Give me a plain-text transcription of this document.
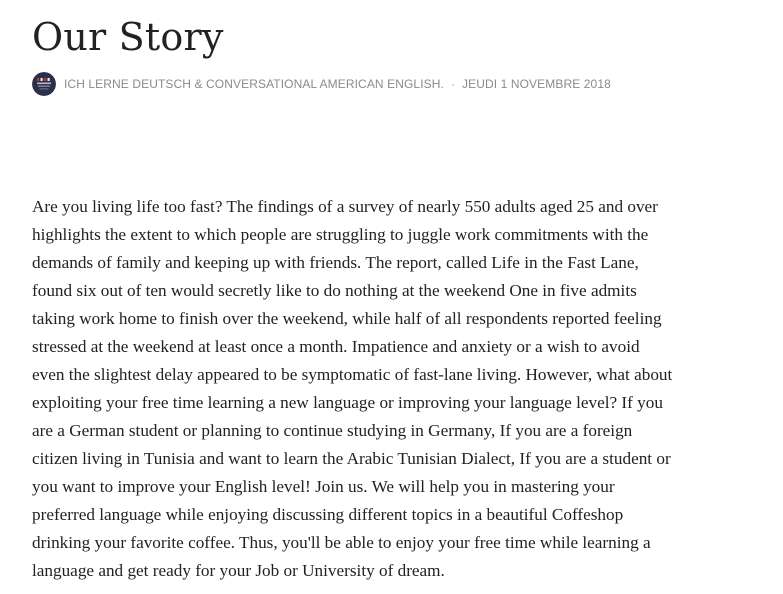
Our Story
ICH LERNE DEUTSCH & CONVERSATIONAL AMERICAN ENGLISH. · JEUDI 1 NOVEMBRE 2018

Are you living life too fast? The findings of a survey of nearly 550 adults aged 25 and over
highlights the extent to which people are struggling to juggle work commitments with the
demands of family and keeping up with friends. The report, called Life in the Fast Lane,
found six out of ten would secretly like to do nothing at the weekend One in five admits
taking work home to finish over the weekend, while half of all respondents reported feeling
stressed at the weekend at least once a month. Impatience and anxiety or a wish to avoid
even the slightest delay appeared to be symptomatic of fast-lane living. However, what about
exploiting your free time learning a new language or improving your language level? If you
are a German student or planning to continue studying in Germany, If you are a foreign
citizen living in Tunisia and want to learn the Arabic Tunisian Dialect, If you are a student or
you want to improve your English level! Join us. We will help you in mastering your
preferred language while enjoying discussing different topics in a beautiful Coffeshop
drinking your favorite coffee. Thus, you'll be able to enjoy your free time while learning a
language and get ready for your Job or University of dream.
